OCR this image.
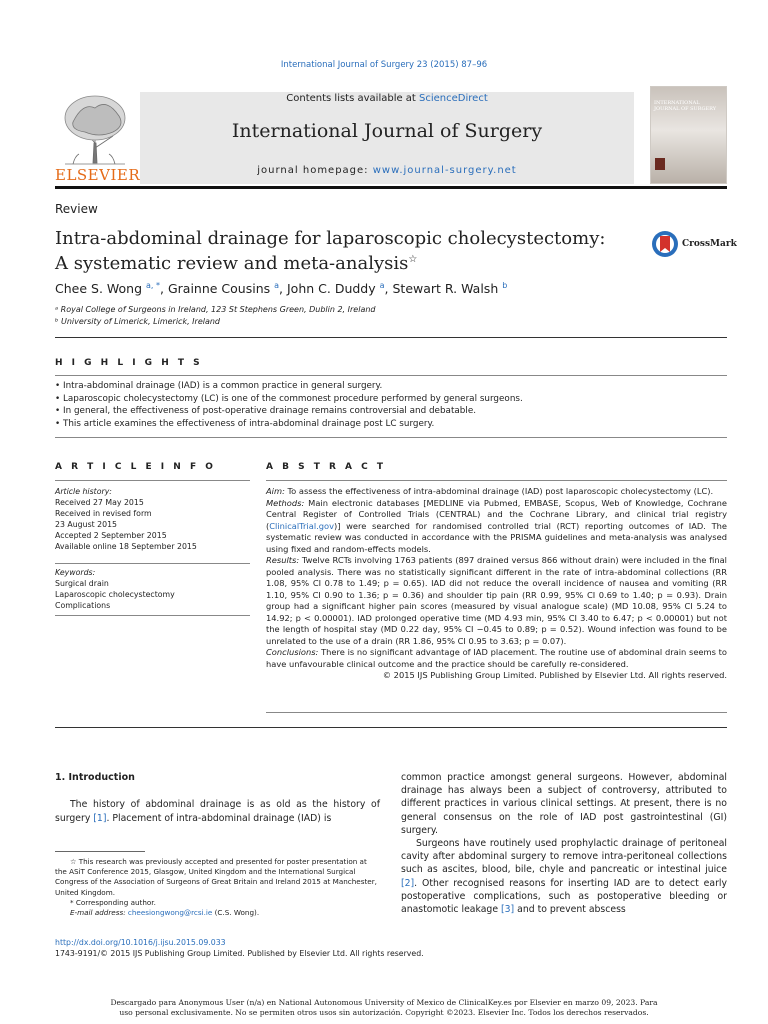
International Journal of Surgery 23 (2015) 87–96
ELSEVIER
Contents lists available at ScienceDirect
International Journal of Surgery
journal homepage: www.journal-surgery.net
INTERNATIONAL JOURNAL OF SURGERY
Review
Intra-abdominal drainage for laparoscopic cholecystectomy:
A systematic review and meta-analysis☆
CrossMark
Chee S. Wong $^{a, *}$, Grainne Cousins $^a$, John C. Duddy $^a$, Stewart R. Walsh $^b$
ᵃ Royal College of Surgeons in Ireland, 123 St Stephens Green, Dublin 2, Ireland
ᵇ University of Limerick, Limerick, Ireland
H I G H L I G H T S
• Intra-abdominal drainage (IAD) is a common practice in general surgery.
• Laparoscopic cholecystectomy (LC) is one of the commonest procedure performed by general surgeons.
• In general, the effectiveness of post-operative drainage remains controversial and debatable.
• This article examines the effectiveness of intra-abdominal drainage post LC surgery.
A R T I C L E I N F O
Article history:
Received 27 May 2015
Received in revised form
23 August 2015
Accepted 2 September 2015
Available online 18 September 2015
Keywords:
Surgical drain
Laparoscopic cholecystectomy
Complications
A B S T R A C T

Aim: To assess the effectiveness of intra-abdominal drainage (IAD) post laparoscopic cholecystectomy (LC).

Methods: Main electronic databases [MEDLINE via Pubmed, EMBASE, Scopus, Web of Knowledge, Cochrane Central Register of Controlled Trials (CENTRAL) and the Cochrane Library, and clinical trial registry (ClinicalTrial.gov)] were searched for randomised controlled trial (RCT) reporting outcomes of IAD. The systematic review was conducted in accordance with the PRISMA guidelines and meta-analysis was analysed using fixed and random-effects models.

Results: Twelve RCTs involving 1763 patients (897 drained versus 866 without drain) were included in the final pooled analysis. There was no statistically significant different in the rate of intra-abdominal collections (RR 1.08, 95% CI 0.78 to 1.49; p = 0.65). IAD did not reduce the overall incidence of nausea and vomiting (RR 1.10, 95% CI 0.90 to 1.36; p = 0.36) and shoulder tip pain (RR 0.99, 95% CI 0.69 to 1.40; p = 0.93). Drain group had a significant higher pain scores (measured by visual analogue scale) (MD 10.08, 95% CI 5.24 to 14.92; p < 0.00001). IAD prolonged operative time (MD 4.93 min, 95% CI 3.40 to 6.47; p < 0.00001) but not the length of hospital stay (MD 0.22 day, 95% CI −0.45 to 0.89; p = 0.52). Wound infection was found to be unrelated to the use of a drain (RR 1.86, 95% CI 0.95 to 3.63; p = 0.07).

Conclusions: There is no significant advantage of IAD placement. The routine use of abdominal drain seems to have unfavourable clinical outcome and the practice should be carefully re-considered.

© 2015 IJS Publishing Group Limited. Published by Elsevier Ltd. All rights reserved.

1. Introduction

The history of abdominal drainage is as old as the history of surgery [1]. Placement of intra-abdominal drainage (IAD) is

common practice amongst general surgeons. However, abdominal drainage has always been a subject of controversy, attributed to different practices in various clinical settings. At present, there is no general consensus on the role of IAD post gastrointestinal (GI) surgery.

Surgeons have routinely used prophylactic drainage of peritoneal cavity after abdominal surgery to remove intra-peritoneal collections such as ascites, blood, bile, chyle and pancreatic or intestinal juice [2]. Other recognised reasons for inserting IAD are to detect early postoperative complications, such as postoperative bleeding or anastomotic leakage [3] and to prevent abscess

☆ This research was previously accepted and presented for poster presentation at the ASiT Conference 2015, Glasgow, United Kingdom and the International Surgical Congress of the Association of Surgeons of Great Britain and Ireland 2015 at Manchester, United Kingdom.

* Corresponding author.

E-mail address: cheesiongwong@rcsi.ie (C.S. Wong).

http://dx.doi.org/10.1016/j.ijsu.2015.09.033
1743-9191/© 2015 IJS Publishing Group Limited. Published by Elsevier Ltd. All rights reserved.
Descargado para Anonymous User (n/a) en National Autonomous University of Mexico de ClinicalKey.es por Elsevier en marzo 09, 2023. Para
uso personal exclusivamente. No se permiten otros usos sin autorización. Copyright ©2023. Elsevier Inc. Todos los derechos reservados.
